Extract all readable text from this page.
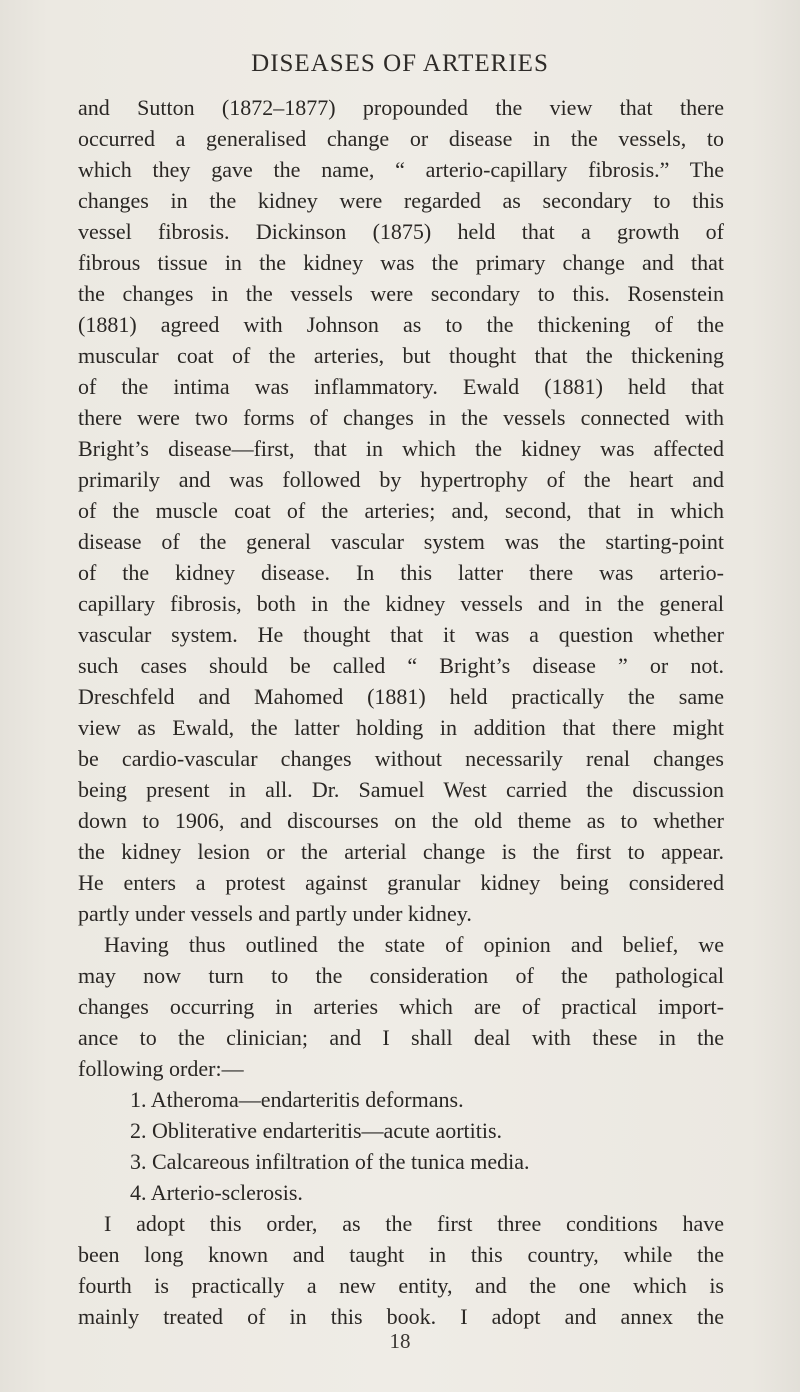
DISEASES OF ARTERIES
and Sutton (1872–1877) propounded the view that there
occurred a generalised change or disease in the vessels, to
which they gave the name, “ arterio-capillary fibrosis.” The
changes in the kidney were regarded as secondary to this
vessel fibrosis. Dickinson (1875) held that a growth of
fibrous tissue in the kidney was the primary change and that
the changes in the vessels were secondary to this. Rosenstein
(1881) agreed with Johnson as to the thickening of the
muscular coat of the arteries, but thought that the thickening
of the intima was inflammatory. Ewald (1881) held that
there were two forms of changes in the vessels connected with
Bright’s disease—first, that in which the kidney was affected
primarily and was followed by hypertrophy of the heart and
of the muscle coat of the arteries; and, second, that in which
disease of the general vascular system was the starting-point
of the kidney disease. In this latter there was arterio-
capillary fibrosis, both in the kidney vessels and in the general
vascular system. He thought that it was a question whether
such cases should be called “ Bright’s disease ” or not.
Dreschfeld and Mahomed (1881) held practically the same
view as Ewald, the latter holding in addition that there might
be cardio-vascular changes without necessarily renal changes
being present in all. Dr. Samuel West carried the discussion
down to 1906, and discourses on the old theme as to whether
the kidney lesion or the arterial change is the first to appear.
He enters a protest against granular kidney being considered
partly under vessels and partly under kidney.
Having thus outlined the state of opinion and belief, we
may now turn to the consideration of the pathological
changes occurring in arteries which are of practical import-
ance to the clinician; and I shall deal with these in the
following order:—
1. Atheroma—endarteritis deformans.
2. Obliterative endarteritis—acute aortitis.
3. Calcareous infiltration of the tunica media.
4. Arterio-sclerosis.
I adopt this order, as the first three conditions have
been long known and taught in this country, while the
fourth is practically a new entity, and the one which is
mainly treated of in this book. I adopt and annex the
18
